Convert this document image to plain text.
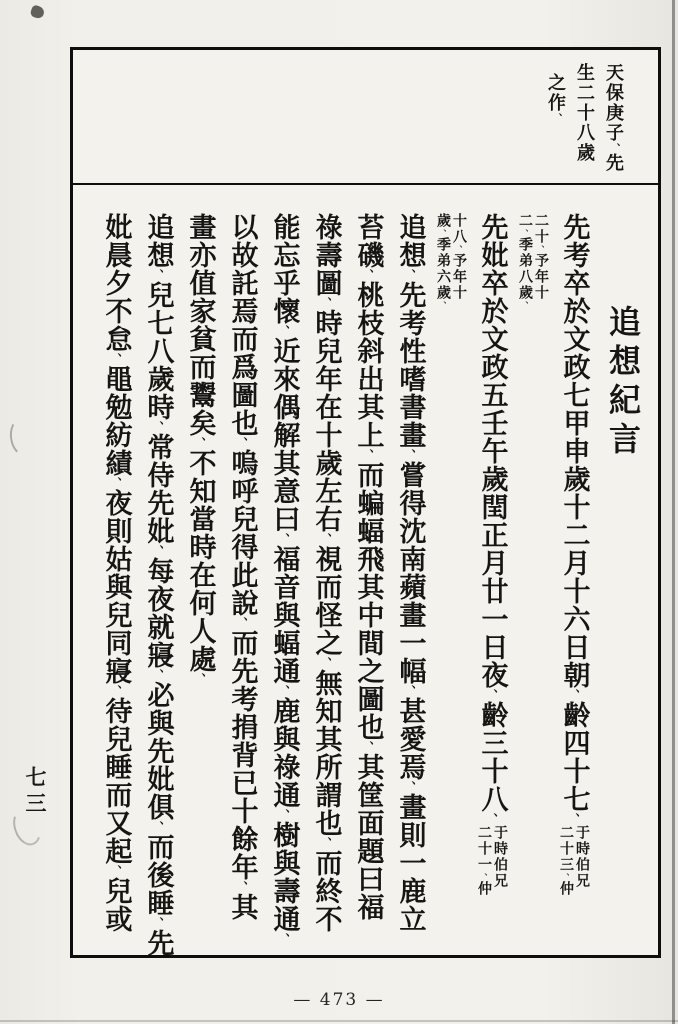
天保庚子、先
生二十八歲
之作、
追想紀言
先考卒於文政七甲申歲十二月十六日朝、齡四十七、
于時伯兄
二十三、仲
二十、予年十
二、季弟八歲、
先妣卒於文政五壬午歲閏正月廿一日夜、齡三十八、
于時伯兄
二十一、仲
十八、予年十
歲、季弟六歲、
追想、先考性嗜書畫、嘗得沈南蘋畫一幅、甚愛焉、畫則一鹿立
苔磯、桃枝斜出其上、而蝙蝠飛其中間之圖也、其筐面題曰福
祿壽圖、時兒年在十歲左右、視而怪之、無知其所謂也、而終不
能忘乎懷、近來偶解其意曰、福音與蝠通、鹿與祿通、樹與壽通、
以故託焉而爲圖也、嗚呼兒得此說、而先考捐背已十餘年、其
畫亦值家貧而鬻矣、不知當時在何人處、
追想、兒七八歲時、常侍先妣、每夜就寢、必與先妣俱、而後睡、先
妣晨夕不怠、黽勉紡績、夜則姑與兒同寢、待兒睡而又起、兒或
七三
— 473 —
